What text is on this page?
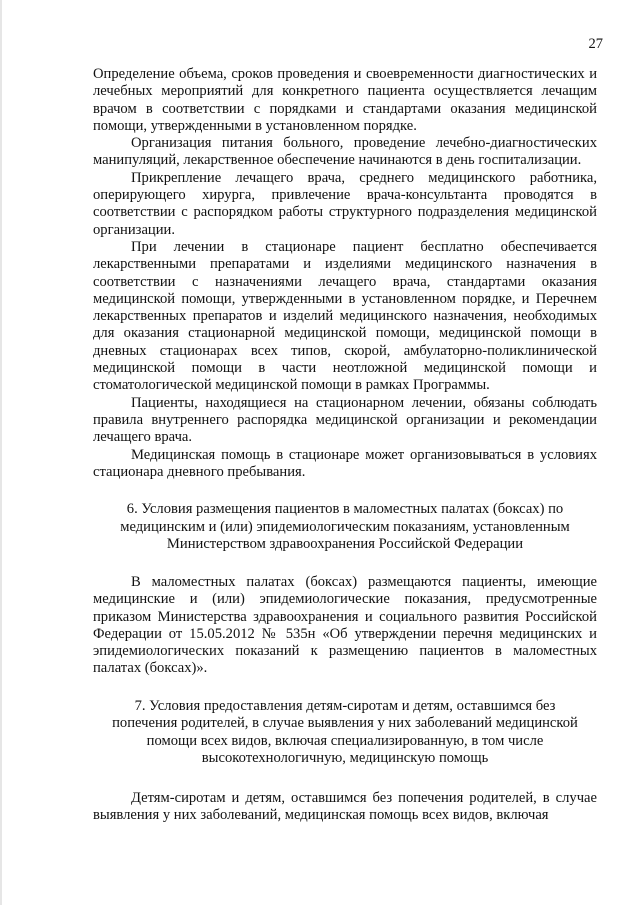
27

Определение объема, сроков проведения и своевременности диагностических и лечебных мероприятий для конкретного пациента осуществляется лечащим врачом в соответствии с порядками и стандартами оказания медицинской помощи, утвержденными в установленном порядке.

Организация питания больного, проведение лечебно-диагностических манипуляций, лекарственное обеспечение начинаются в день госпитализации.

Прикрепление лечащего врача, среднего медицинского работника, оперирующего хирурга, привлечение врача-консультанта проводятся в соответствии с распорядком работы структурного подразделения медицинской организации.

При лечении в стационаре пациент бесплатно обеспечивается лекарственными препаратами и изделиями медицинского назначения в соответствии с назначениями лечащего врача, стандартами оказания медицинской помощи, утвержденными в установленном порядке, и Перечнем лекарственных препаратов и изделий медицинского назначения, необходимых для оказания стационарной медицинской помощи, медицинской помощи в дневных стационарах всех типов, скорой, амбулаторно-поликлинической медицинской помощи в части неотложной медицинской помощи и стоматологической медицинской помощи в рамках Программы.

Пациенты, находящиеся на стационарном лечении, обязаны соблюдать правила внутреннего распорядка медицинской организации и рекомендации лечащего врача.

Медицинская помощь в стационаре может организовываться в условиях стационара дневного пребывания.

6. Условия размещения пациентов в маломестных палатах (боксах) по

медицинским и (или) эпидемиологическим показаниям, установленным

Министерством здравоохранения Российской Федерации

В маломестных палатах (боксах) размещаются пациенты, имеющие медицинские и (или) эпидемиологические показания, предусмотренные приказом Министерства здравоохранения и социального развития Российской Федерации от 15.05.2012 № 535н «Об утверждении перечня медицинских и эпидемиологических показаний к размещению пациентов в маломестных палатах (боксах)».

7. Условия предоставления детям-сиротам и детям, оставшимся без

попечения родителей, в случае выявления у них заболеваний медицинской

помощи всех видов, включая специализированную, в том числе

высокотехнологичную, медицинскую помощь

Детям-сиротам и детям, оставшимся без попечения родителей, в случае выявления у них заболеваний, медицинская помощь всех видов, включая
